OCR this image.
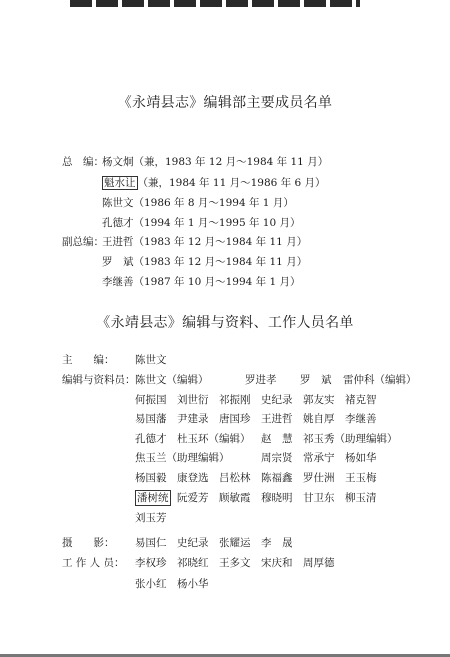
《永靖县志》编辑部主要成员名单
总　编：
杨文炯（兼，1983 年 12 月～1984 年 11 月）
魁水让 （兼，1984 年 11 月～1986 年 6 月）
陈世文（1986 年 8 月～1994 年 1 月）
孔德才（1994 年 1 月～1995 年 10 月）
副总编：
王进哲（1983 年 12 月～1984 年 11 月）
罗　斌（1983 年 12 月～1984 年 11 月）
李继善（1987 年 10 月～1994 年 1 月）
《永靖县志》编辑与资料、工作人员名单
主　　编： 陈世文
编辑与资料员： 陈世文（编辑）	罗进孝 罗　斌 雷仲科（编辑）
何振国 刘世衍 祁振刚 史纪录 郭友实 褚克智
易国藩 尹建录 唐国珍 王进哲 姚自厚 李继善
孔德才 杜玉环（编辑） 赵　慧 祁玉秀（助理编辑）
焦玉兰（助理编辑）	周宗贤 常承宁 杨如华
杨国毅 康登选 吕松林 陈福鑫 罗仕洲 王玉梅
潘树统 阮爱芳 顾敏霞 穆晓明 甘卫东 柳玉清
刘玉芳
摄　　影： 易国仁 史纪录 张耀运 李　晟
工 作 人 员： 李权珍 祁晓红 王多文 宋庆和 周厚德
张小红 杨小华
